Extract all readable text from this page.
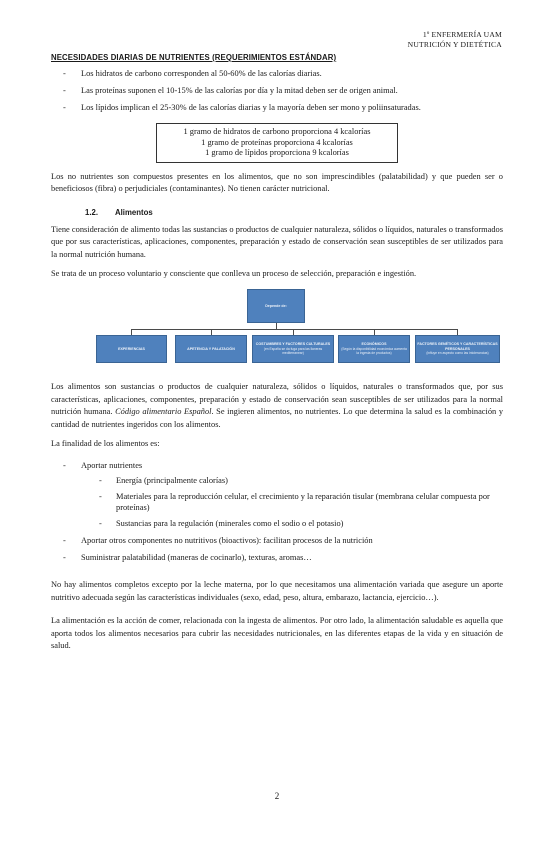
1º ENFERMERÍA UAM
NUTRICIÓN Y DIETÉTICA
NECESIDADES DIARIAS DE NUTRIENTES (REQUERIMIENTOS ESTÁNDAR)
- Los hidratos de carbono corresponden al 50-60% de las calorías diarias.
- Las proteínas suponen el 10-15% de las calorías por día y la mitad deben ser de origen animal.
- Los lípidos implican el 25-30% de las calorías diarias y la mayoría deben ser mono y poliinsaturadas.
1 gramo de hidratos de carbono proporciona 4 kcalorías
1 gramo de proteínas proporciona 4 kcalorías
1 gramo de lípidos proporciona 9 kcalorías

Los no nutrientes son compuestos presentes en los alimentos, que no son imprescindibles (palatabilidad) y que pueden ser o beneficiosos (fibra) o perjudiciales (contaminantes). No tienen carácter nutricional.

1.2. Alimentos

Tiene consideración de alimento todas las sustancias o productos de cualquier naturaleza, sólidos o líquidos, naturales o transformados que por sus características, aplicaciones, componentes, preparación y estado de conservación sean susceptibles de ser utilizados para la normal nutrición humana.

Se trata de un proceso voluntario y consciente que conlleva un proceso de selección, preparación e ingestión.

Depende de:
EXPERIENCIAS	APETENCIA Y PALATACIÓN
COSTUMBRES Y FACTORES CULTURALES
(en España se da fuga para las llaneras mediterranear)
ECONÓMICOS
(Según la disponibilidad económica aumenta la ingesta de productos)
FACTORES GENÉTICOS Y CARACTERÍSTICAS PERSONALES
(influye en aspecto como las intolerancias)

Los alimentos son sustancias o productos de cualquier naturaleza, sólidos o líquidos, naturales o transformados que, por sus características, aplicaciones, componentes, preparación y estado de conservación sean susceptibles de ser utilizados para la normal nutrición humana. Código alimentario Español. Se ingieren alimentos, no nutrientes. Lo que determina la salud es la combinación y cantidad de nutrientes ingeridos con los alimentos.

La finalidad de los alimentos es:

- Aportar nutrientes
- Energía (principalmente calorías)
- Materiales para la reproducción celular, el crecimiento y la reparación tisular (membrana celular compuesta por proteínas)
- Sustancias para la regulación (minerales como el sodio o el potasio)
- Aportar otros componentes no nutritivos (bioactivos): facilitan procesos de la nutrición
- Suministrar palatabilidad (maneras de cocinarlo), texturas, aromas…

No hay alimentos completos excepto por la leche materna, por lo que necesitamos una alimentación variada que asegure un aporte nutritivo adecuada según las características individuales (sexo, edad, peso, altura, embarazo, lactancia, ejercicio…).

La alimentación es la acción de comer, relacionada con la ingesta de alimentos. Por otro lado, la alimentación saludable es aquella que aporta todos los alimentos necesarios para cubrir las necesidades nutricionales, en las diferentes etapas de la vida y en situación de salud.

2
